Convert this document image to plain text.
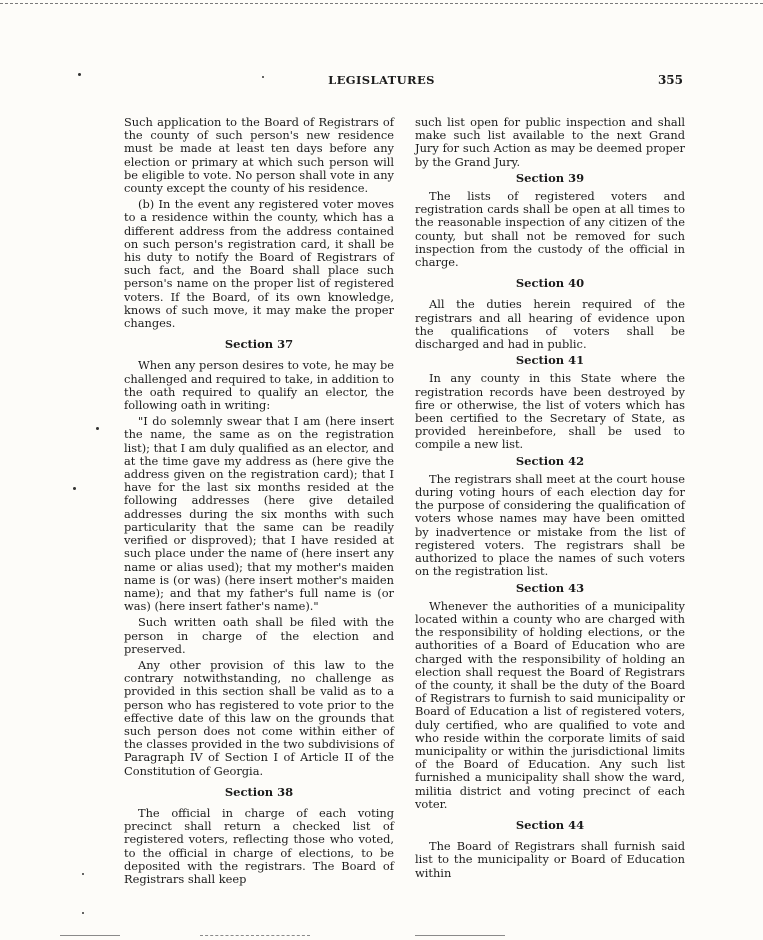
LEGISLATURES	355

Such application to the Board of Registrars of the county of such person's new residence must be made at least ten days before any election or primary at which such person will be eligible to vote. No person shall vote in any county except the county of his residence.

(b) In the event any registered voter moves to a residence within the county, which has a different address from the address contained on such person's registration card, it shall be his duty to notify the Board of Registrars of such fact, and the Board shall place such person's name on the proper list of registered voters. If the Board, of its own knowledge, knows of such move, it may make the proper changes.

Section 37

When any person desires to vote, he may be challenged and required to take, in addition to the oath required to qualify an elector, the following oath in writing:

"I do solemnly swear that I am (here insert the name, the same as on the registration list); that I am duly qualified as an elector, and at the time gave my address as (here give the address given on the registration card); that I have for the last six months resided at the following addresses (here give detailed addresses during the six months with such particularity that the same can be readily verified or disproved); that I have resided at such place under the name of (here insert any name or alias used); that my mother's maiden name is (or was) (here insert mother's maiden name); and that my father's full name is (or was) (here insert father's name)."

Such written oath shall be filed with the person in charge of the election and preserved.

Any other provision of this law to the contrary notwithstanding, no challenge as provided in this section shall be valid as to a person who has registered to vote prior to the effective date of this law on the grounds that such person does not come within either of the classes provided in the two subdivisions of Paragraph IV of Section I of Article II of the Constitution of Georgia.

Section 38

The official in charge of each voting precinct shall return a checked list of registered voters, reflecting those who voted, to the official in charge of elections, to be deposited with the registrars. The Board of Registrars shall keep

such list open for public inspection and shall make such list available to the next Grand Jury for such Action as may be deemed proper by the Grand Jury.

Section 39

The lists of registered voters and registration cards shall be open at all times to the reasonable inspection of any citizen of the county, but shall not be removed for such inspection from the custody of the official in charge.

Section 40

All the duties herein required of the registrars and all hearing of evidence upon the qualifications of voters shall be discharged and had in public.

Section 41

In any county in this State where the registration records have been destroyed by fire or otherwise, the list of voters which has been certified to the Secretary of State, as provided hereinbefore, shall be used to compile a new list.

Section 42

The registrars shall meet at the court house during voting hours of each election day for the purpose of considering the qualification of voters whose names may have been omitted by inadvertence or mistake from the list of registered voters. The registrars shall be authorized to place the names of such voters on the registration list.

Section 43

Whenever the authorities of a municipality located within a county who are charged with the responsibility of holding elections, or the authorities of a Board of Education who are charged with the responsibility of holding an election shall request the Board of Registrars of the county, it shall be the duty of the Board of Registrars to furnish to said municipality or Board of Education a list of registered voters, duly certified, who are qualified to vote and who reside within the corporate limits of said municipality or within the jurisdictional limits of the Board of Education. Any such list furnished a municipality shall show the ward, militia district and voting precinct of each voter.

Section 44

The Board of Registrars shall furnish said list to the municipality or Board of Education within
